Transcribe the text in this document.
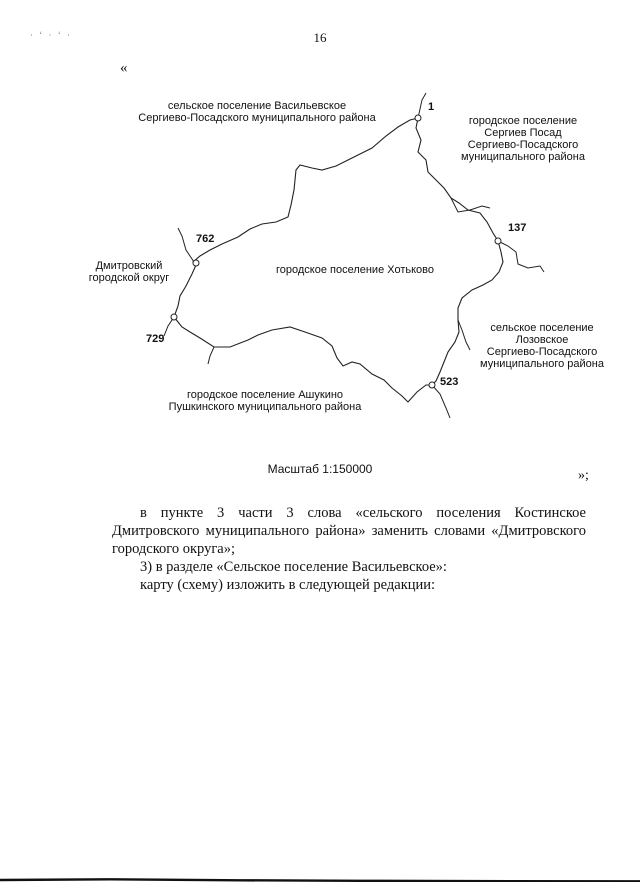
· ‘ · ʻ ·	16
«
1
137
523
729
762
сельское поселение Васильевское
Сергиево-Посадского муниципального района	городское поселение
Сергиев Посад
Сергиево-Посадского
муниципального района
Дмитровский
городской округ
городское поселение Хотьково
сельское поселение
Лозовское
Сергиево-Посадского
муниципального района
городское поселение Ашукино
Пушкинского муниципального района
Масштаб 1:150000	»;
в пункте 3 части 3 слова «сельского поселения Костинское Дмитровского муниципального района» заменить словами «Дмитровского городского округа»;
3) в разделе «Сельское поселение Васильевское»:
карту (схему) изложить в следующей редакции:
